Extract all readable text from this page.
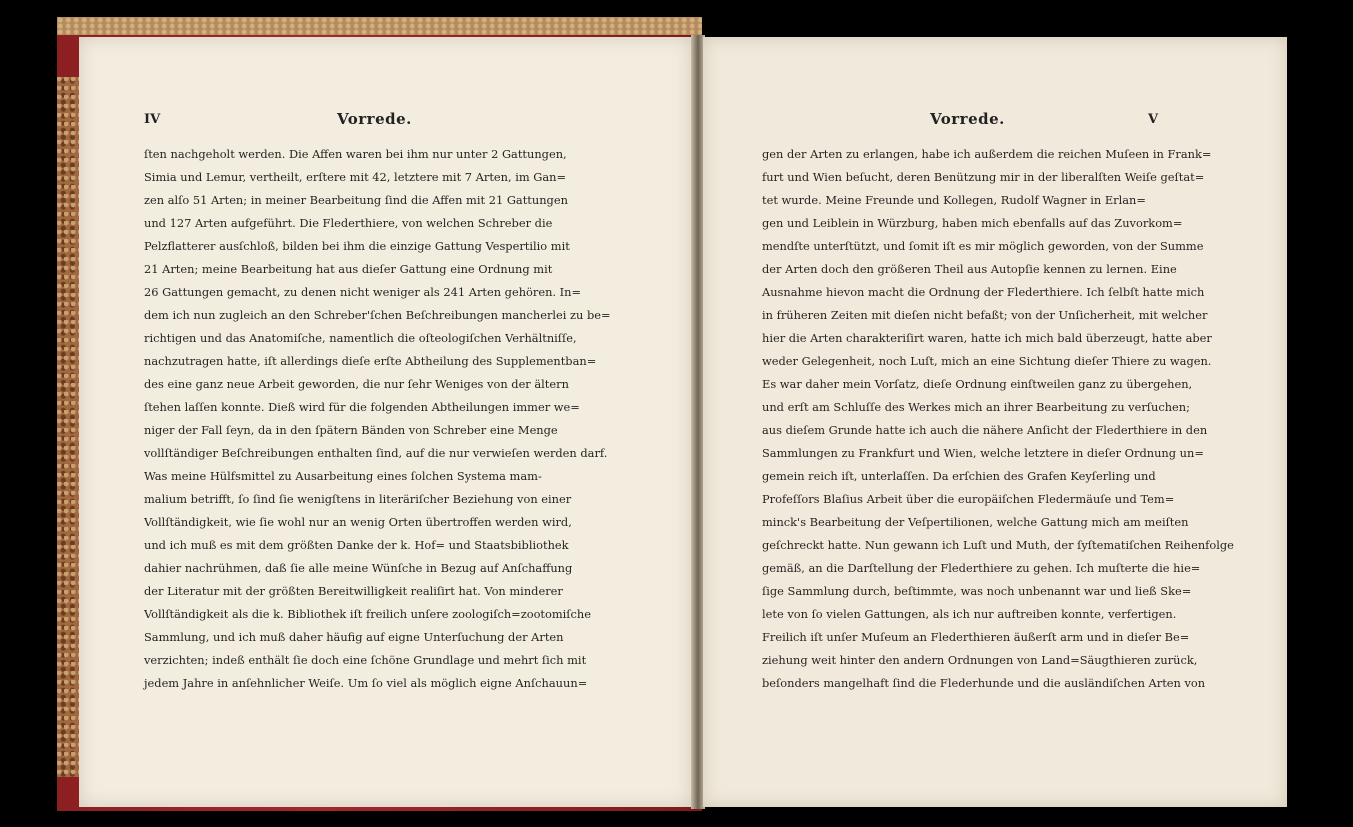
IV	Vorrede.	Vorrede.	V
ſten nachgeholt werden. Die Affen waren bei ihm nur unter 2 Gattungen,
Simia und Lemur, vertheilt, erſtere mit 42, letztere mit 7 Arten, im Gan=
zen alſo 51 Arten; in meiner Bearbeitung ſind die Affen mit 21 Gattungen
und 127 Arten aufgeführt. Die Flederthiere, von welchen Schreber die
Pelzflatterer ausſchloß, bilden bei ihm die einzige Gattung Vespertilio mit
21 Arten; meine Bearbeitung hat aus dieſer Gattung eine Ordnung mit
26 Gattungen gemacht, zu denen nicht weniger als 241 Arten gehören. In=
dem ich nun zugleich an den Schreber'ſchen Beſchreibungen mancherlei zu be=
richtigen und das Anatomiſche, namentlich die oſteologiſchen Verhältniſſe,
nachzutragen hatte, iſt allerdings dieſe erſte Abtheilung des Supplementban=
des eine ganz neue Arbeit geworden, die nur ſehr Weniges von der ältern
ſtehen laſſen konnte. Dieß wird für die folgenden Abtheilungen immer we=
niger der Fall ſeyn, da in den ſpätern Bänden von Schreber eine Menge
vollſtändiger Beſchreibungen enthalten ſind, auf die nur verwieſen werden darf.
Was meine Hülfsmittel zu Ausarbeitung eines ſolchen Systema mam-
malium betrifft, ſo ſind ſie wenigſtens in literäriſcher Beziehung von einer
Vollſtändigkeit, wie ſie wohl nur an wenig Orten übertroffen werden wird,
und ich muß es mit dem größten Danke der k. Hof= und Staatsbibliothek
dahier nachrühmen, daß ſie alle meine Wünſche in Bezug auf Anſchaffung
der Literatur mit der größten Bereitwilligkeit realiſirt hat. Von minderer
Vollſtändigkeit als die k. Bibliothek iſt freilich unſere zoologiſch=zootomiſche
Sammlung, und ich muß daher häufig auf eigne Unterſuchung der Arten
verzichten; indeß enthält ſie doch eine ſchöne Grundlage und mehrt ſich mit
jedem Jahre in anſehnlicher Weiſe. Um ſo viel als möglich eigne Anſchauun=
gen der Arten zu erlangen, habe ich außerdem die reichen Muſeen in Frank=
furt und Wien beſucht, deren Benützung mir in der liberalſten Weiſe geſtat=
tet wurde. Meine Freunde und Kollegen, Rudolf Wagner in Erlan=
gen und Leiblein in Würzburg, haben mich ebenfalls auf das Zuvorkom=
mendſte unterſtützt, und ſomit iſt es mir möglich geworden, von der Summe
der Arten doch den größeren Theil aus Autopſie kennen zu lernen. Eine
Ausnahme hievon macht die Ordnung der Flederthiere. Ich ſelbſt hatte mich
in früheren Zeiten mit dieſen nicht befaßt; von der Unſicherheit, mit welcher
hier die Arten charakteriſirt waren, hatte ich mich bald überzeugt, hatte aber
weder Gelegenheit, noch Luſt, mich an eine Sichtung dieſer Thiere zu wagen.
Es war daher mein Vorſatz, dieſe Ordnung einſtweilen ganz zu übergehen,
und erſt am Schluſſe des Werkes mich an ihrer Bearbeitung zu verſuchen;
aus dieſem Grunde hatte ich auch die nähere Anſicht der Flederthiere in den
Sammlungen zu Frankfurt und Wien, welche letztere in dieſer Ordnung un=
gemein reich iſt, unterlaſſen. Da erſchien des Grafen Keyſerling und
Profeſſors Blaſius Arbeit über die europäiſchen Fledermäuſe und Tem=
minck's Bearbeitung der Veſpertilionen, welche Gattung mich am meiſten
geſchreckt hatte. Nun gewann ich Luſt und Muth, der ſyſtematiſchen Reihenfolge
gemäß, an die Darſtellung der Flederthiere zu gehen. Ich muſterte die hie=
ſige Sammlung durch, beſtimmte, was noch unbenannt war und ließ Ske=
lete von ſo vielen Gattungen, als ich nur auftreiben konnte, verfertigen.
Freilich iſt unſer Muſeum an Flederthieren äußerſt arm und in dieſer Be=
ziehung weit hinter den andern Ordnungen von Land=Säugthieren zurück,
beſonders mangelhaft ſind die Flederhunde und die ausländiſchen Arten von
